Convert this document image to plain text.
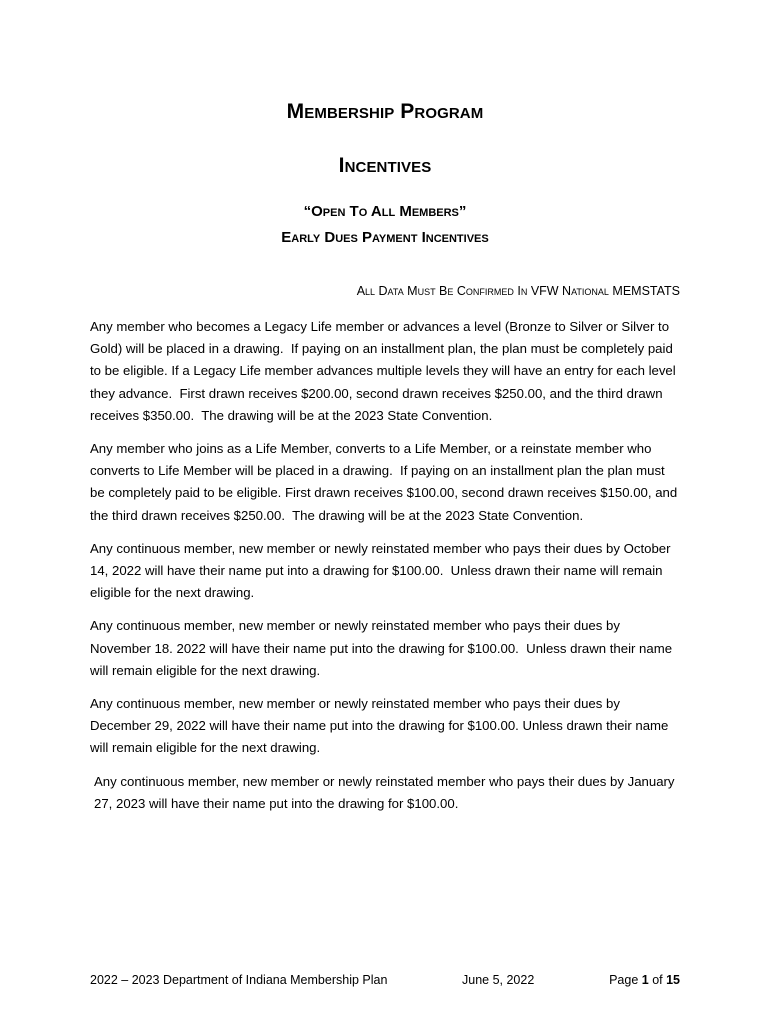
Membership Program
Incentives
“Open To All Members”
Early Dues Payment Incentives
All Data Must Be Confirmed In VFW National MEMSTATS

Any member who becomes a Legacy Life member or advances a level (Bronze to Silver or Silver to Gold) will be placed in a drawing.  If paying on an installment plan, the plan must be completely paid to be eligible. If a Legacy Life member advances multiple levels they will have an entry for each level they advance.  First drawn receives $200.00, second drawn receives $250.00, and the third drawn receives $350.00.  The drawing will be at the 2023 State Convention.

Any member who joins as a Life Member, converts to a Life Member, or a reinstate member who converts to Life Member will be placed in a drawing.  If paying on an installment plan the plan must be completely paid to be eligible. First drawn receives $100.00, second drawn receives $150.00, and the third drawn receives $250.00.  The drawing will be at the 2023 State Convention.

Any continuous member, new member or newly reinstated member who pays their dues by October 14, 2022 will have their name put into a drawing for $100.00.  Unless drawn their name will remain eligible for the next drawing.

Any continuous member, new member or newly reinstated member who pays their dues by November 18. 2022 will have their name put into the drawing for $100.00.  Unless drawn their name will remain eligible for the next drawing.

Any continuous member, new member or newly reinstated member who pays their dues by December 29, 2022 will have their name put into the drawing for $100.00. Unless drawn their name will remain eligible for the next drawing.

Any continuous member, new member or newly reinstated member who pays their dues by January 27, 2023 will have their name put into the drawing for $100.00.

2022 – 2023 Department of Indiana Membership Plan	June 5, 2022	Page 1 of 15
